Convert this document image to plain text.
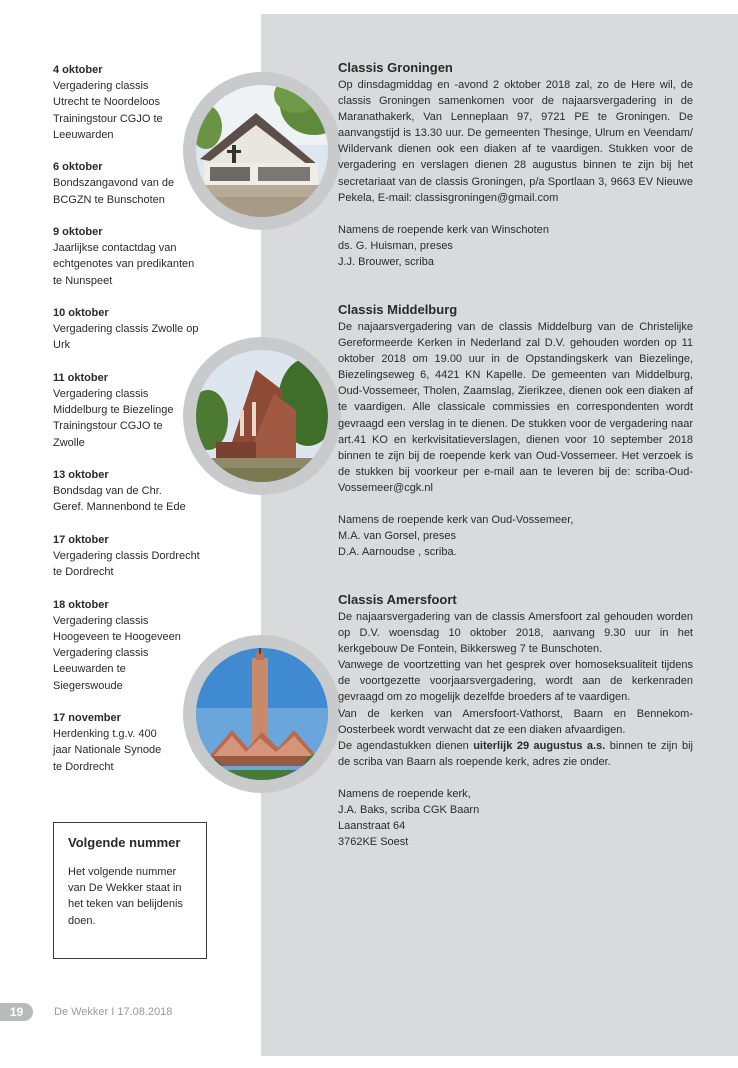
4 oktober
Vergadering classis
Utrecht te Noordeloos
Trainingstour CGJO te
Leeuwarden
6 oktober
Bondszangavond van de
BCGZN te Bunschoten
9 oktober
Jaarlijkse contactdag van
echtgenotes van predikanten
te Nunspeet
10 oktober
Vergadering classis Zwolle op
Urk
11 oktober
Vergadering classis
Middelburg te Biezelinge
Trainingstour CGJO te
Zwolle
13 oktober
Bondsdag van de Chr.
Geref. Mannenbond te Ede
17 oktober
Vergadering classis Dordrecht
te Dordrecht
18 oktober
Vergadering classis
Hoogeveen te Hoogeveen
Vergadering classis
Leeuwarden te
Siegerswoude
17 november
Herdenking t.g.v. 400
jaar Nationale Synode
te Dordrecht
Classis Groningen

Op dinsdagmiddag en -avond 2 oktober 2018 zal, zo de Here wil, de classis Groningen samenkomen voor de najaarsvergadering in de Maranathakerk, Van Lenneplaan 97, 9721 PE te Groningen. De aanvangstijd is 13.30 uur. De gemeenten Thesinge, Ulrum en Veendam/ Wildervank dienen ook een diaken af te vaardigen. Stukken voor de vergadering en verslagen dienen 28 augustus binnen te zijn bij het secretariaat van de classis Groningen, p/a Sportlaan 3, 9663 EV Nieuwe Pekela, E-mail: classisgroningen@gmail.com

Namens de roepende kerk van Winschoten
ds. G. Huisman, preses
J.J. Brouwer, scriba
Classis Middelburg

De najaarsvergadering van de classis Middelburg van de Christelijke Gereformeerde Kerken in Nederland zal D.V. gehouden worden op 11 oktober 2018 om 19.00 uur in de Opstandingskerk van Biezelinge, Biezelingseweg 6, 4421 KN Kapelle. De gemeenten van Middelburg, Oud-Vossemeer, Tholen, Zaamslag, Zierikzee, dienen ook een diaken af te vaardigen. Alle classicale commissies en correspondenten wordt gevraagd een verslag in te dienen. De stukken voor de vergadering naar art.41 KO en kerkvisitatieverslagen, dienen voor 10 september 2018 binnen te zijn bij de roepende kerk van Oud-Vossemeer. Het verzoek is de stukken bij voorkeur per e-mail aan te leveren bij de: scriba-Oud-Vossemeer@cgk.nl

Namens de roepende kerk van Oud-Vossemeer,
M.A. van Gorsel, preses
D.A. Aarnoudse , scriba.
Classis Amersfoort

De najaarsvergadering van de classis Amersfoort zal gehouden worden op D.V. woensdag 10 oktober 2018, aanvang 9.30 uur in het kerkgebouw De Fontein, Bikkersweg 7 te Bunschoten.

Vanwege de voortzetting van het gesprek over homoseksualiteit tijdens de voortgezette voorjaarsvergadering, wordt aan de kerkenraden gevraagd om zo mogelijk dezelfde broeders af te vaardigen.

Van de kerken van Amersfoort-Vathorst, Baarn en Bennekom-Oosterbeek wordt verwacht dat ze een diaken afvaardigen.

De agendastukken dienen uiterlijk 29 augustus a.s. binnen te zijn bij de scriba van Baarn als roepende kerk, adres zie onder.

Namens de roepende kerk,
J.A. Baks, scriba CGK Baarn
Laanstraat 64
3762KE Soest
Volgende nummer

Het volgende nummer van De Wekker staat in het teken van belijdenis doen.

19	De Wekker I 17.08.2018
